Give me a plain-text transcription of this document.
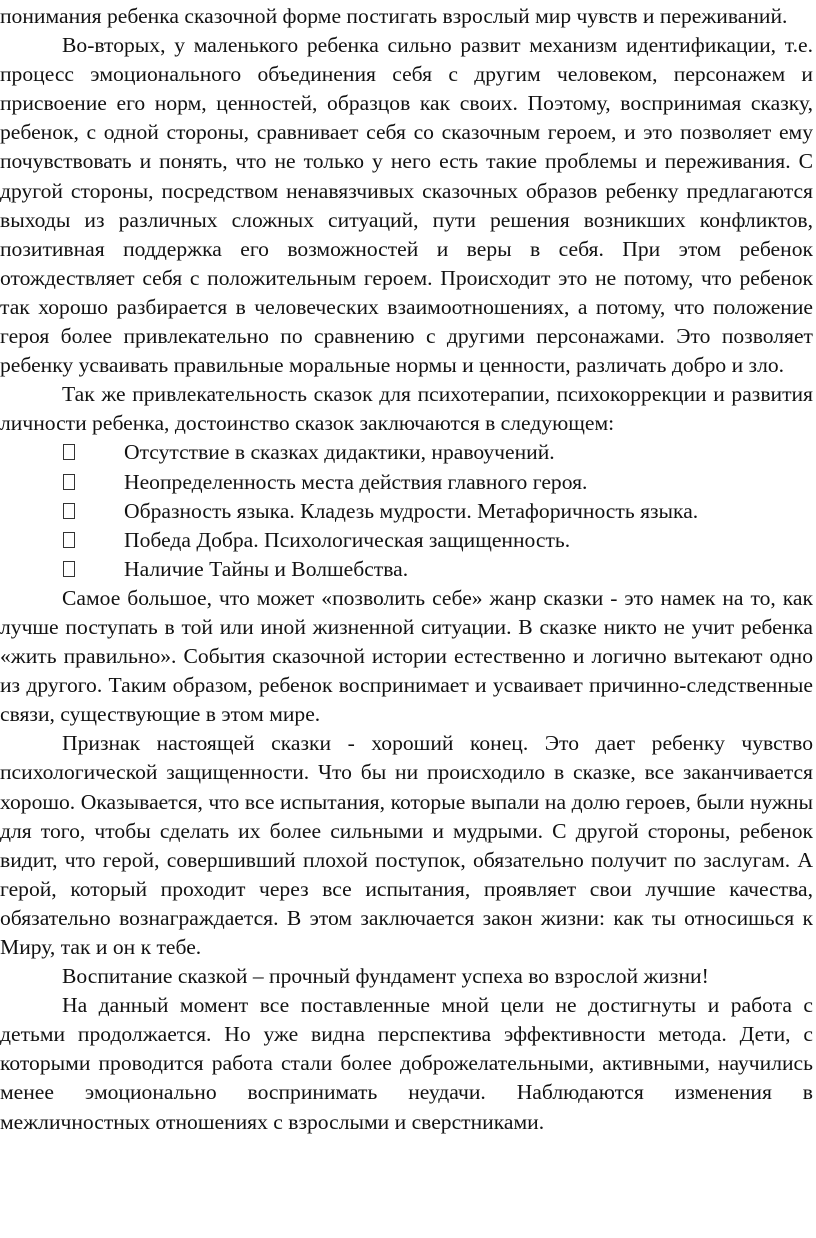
понимания ребенка сказочной форме постигать взрослый мир чувств и переживаний.

Во-вторых, у маленького ребенка сильно развит механизм идентификации, т.е. процесс эмоционального объединения себя с другим человеком, персонажем и присвоение его норм, ценностей, образцов как своих. Поэтому, воспринимая сказку, ребенок, с одной стороны, сравнивает себя со сказочным героем, и это позволяет ему почувствовать и понять, что не только у него есть такие проблемы и переживания. С другой стороны, посредством ненавязчивых сказочных образов ребенку предлагаются выходы из различных сложных ситуаций, пути решения возникших конфликтов, позитивная поддержка его возможностей и веры в себя. При этом ребенок отождествляет себя с положительным героем. Происходит это не потому, что ребенок так хорошо разбирается в человеческих взаимоотношениях, а потому, что положение героя более привлекательно по сравнению с другими персонажами. Это позволяет ребенку усваивать правильные моральные нормы и ценности, различать добро и зло.

Так же привлекательность сказок для психотерапии, психокоррекции и развития личности ребенка, достоинство сказок заключаются в следующем:

Отсутствие в сказках дидактики, нравоучений.
Неопределенность места действия главного героя.
Образность языка. Кладезь мудрости. Метафоричность языка.
Победа Добра. Психологическая защищенность.
Наличие Тайны и Волшебства.

Самое большое, что может «позволить себе» жанр сказки - это намек на то, как лучше поступать в той или иной жизненной ситуации. В сказке никто не учит ребенка «жить правильно». События сказочной истории естественно и логично вытекают одно из другого. Таким образом, ребенок воспринимает и усваивает причинно-следственные связи, существующие в этом мире.

Признак настоящей сказки - хороший конец. Это дает ребенку чувство психологической защищенности. Что бы ни происходило в сказке, все заканчивается хорошо. Оказывается, что все испытания, которые выпали на долю героев, были нужны для того, чтобы сделать их более сильными и мудрыми. С другой стороны, ребенок видит, что герой, совершивший плохой поступок, обязательно получит по заслугам. А герой, который проходит через все испытания, проявляет свои лучшие качества, обязательно вознаграждается. В этом заключается закон жизни: как ты относишься к Миру, так и он к тебе.

Воспитание сказкой – прочный фундамент успеха во взрослой жизни!

На данный момент все поставленные мной цели не достигнуты и работа с детьми продолжается. Но уже видна перспектива эффективности метода. Дети, с которыми проводится работа стали более доброжелательными, активными, научились менее эмоционально воспринимать неудачи. Наблюдаются изменения в межличностных отношениях с взрослыми и сверстниками.
